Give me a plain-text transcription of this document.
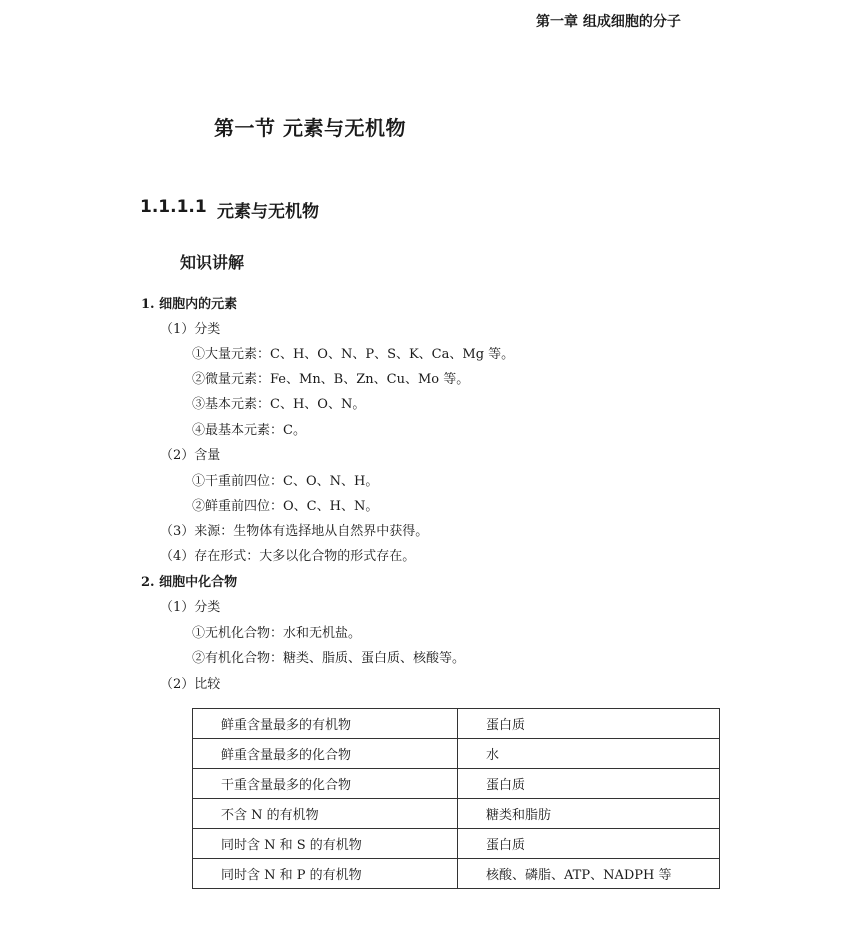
第一章 组成细胞的分子
第一节 元素与无机物
1.1.1.1 元素与无机物
知识讲解
1. 细胞内的元素
（1）分类
①大量元素：C、H、O、N、P、S、K、Ca、Mg 等。
②微量元素：Fe、Mn、B、Zn、Cu、Mo 等。
③基本元素：C、H、O、N。
④最基本元素：C。
（2）含量
①干重前四位：C、O、N、H。
②鲜重前四位：O、C、H、N。
（3）来源：生物体有选择地从自然界中获得。
（4）存在形式：大多以化合物的形式存在。
2. 细胞中化合物
（1）分类
①无机化合物：水和无机盐。
②有机化合物：糖类、脂质、蛋白质、核酸等。
（2）比较
鲜重含量最多的有机物	蛋白质
鲜重含量最多的化合物	水
干重含量最多的化合物	蛋白质
不含 N 的有机物	糖类和脂肪
同时含 N 和 S 的有机物	蛋白质
同时含 N 和 P 的有机物	核酸、磷脂、ATP、NADPH 等
